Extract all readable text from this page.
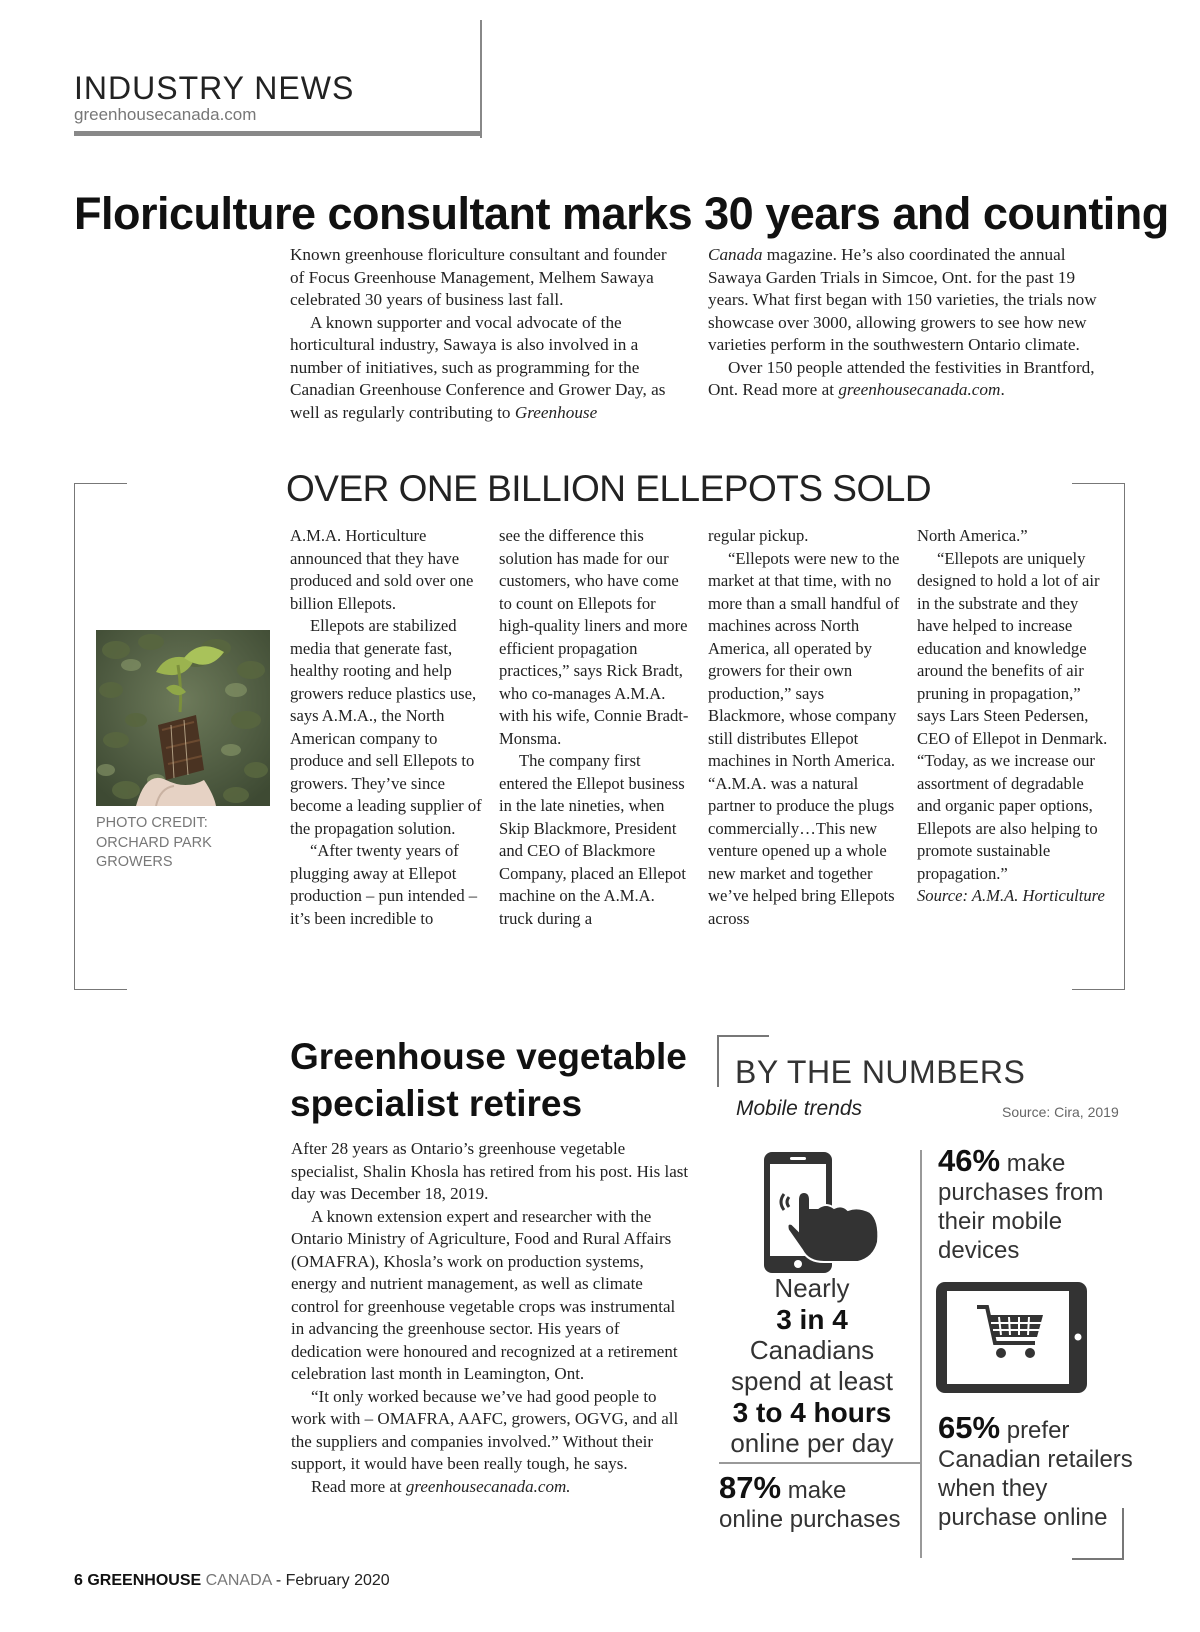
INDUSTRY NEWS
greenhousecanada.com
Floriculture consultant marks 30 years and counting

Known greenhouse floriculture consultant and founder of Focus Greenhouse Management, Melhem Sawaya celebrated 30 years of business last fall.

A known supporter and vocal advocate of the horticultural industry, Sawaya is also involved in a number of initiatives, such as programming for the Canadian Greenhouse Conference and Grower Day, as well as regularly contributing to Greenhouse

Canada magazine. He’s also coordinated the annual Sawaya Garden Trials in Simcoe, Ont. for the past 19 years. What first began with 150 varieties, the trials now showcase over 3000, allowing growers to see how new varieties perform in the southwestern Ontario climate.

Over 150 people attended the festivities in Brantford, Ont. Read more at greenhousecanada.com.

OVER ONE BILLION ELLEPOTS SOLD
PHOTO CREDIT:
ORCHARD PARK
GROWERS

A.M.A. Horticulture announced that they have produced and sold over one billion Ellepots.

Ellepots are stabilized media that generate fast, healthy rooting and help growers reduce plastics use, says A.M.A., the North American company to produce and sell Ellepots to growers. They’ve since become a leading supplier of the propagation solution.

“After twenty years of plugging away at Ellepot production – pun intended – it’s been incredible to

see the difference this solution has made for our customers, who have come to count on Ellepots for high-quality liners and more efficient propagation practices,” says Rick Bradt, who co-manages A.M.A. with his wife, Connie Bradt-Monsma.

The company first entered the Ellepot business in the late nineties, when Skip Blackmore, President and CEO of Blackmore Company, placed an Ellepot machine on the A.M.A. truck during a

regular pickup.

“Ellepots were new to the market at that time, with no more than a small handful of machines across North America, all operated by growers for their own production,” says Blackmore, whose company still distributes Ellepot machines in North America. “A.M.A. was a natural partner to produce the plugs commercially…This new venture opened up a whole new market and together we’ve helped bring Ellepots across

North America.”

“Ellepots are uniquely designed to hold a lot of air in the substrate and they have helped to increase education and knowledge around the benefits of air pruning in propagation,” says Lars Steen Pedersen, CEO of Ellepot in Denmark. “Today, as we increase our assortment of degradable and organic paper options, Ellepots are also helping to promote sustainable propagation.”

Source: A.M.A. Horticulture

Greenhouse vegetable specialist retires

After 28 years as Ontario’s greenhouse vegetable specialist, Shalin Khosla has retired from his post. His last day was December 18, 2019.

A known extension expert and researcher with the Ontario Ministry of Agriculture, Food and Rural Affairs (OMAFRA), Khosla’s work on production systems, energy and nutrient management, as well as climate control for greenhouse vegetable crops was instrumental in advancing the greenhouse sector. His years of dedication were honoured and recognized at a retirement celebration last month in Leamington, Ont.

“It only worked because we’ve had good people to work with – OMAFRA, AAFC, growers, OGVG, and all the suppliers and companies involved.” Without their support, it would have been really tough, he says.

Read more at greenhousecanada.com.

BY THE NUMBERS
Mobile trends	Source: Cira, 2019
Nearly
3 in 4
Canadians
spend at least
3 to 4 hours
online per day
46% make
purchases from their mobile devices
65% prefer
Canadian retailers when they purchase online
87% make
online purchases
6 GREENHOUSE CANADA - February 2020
